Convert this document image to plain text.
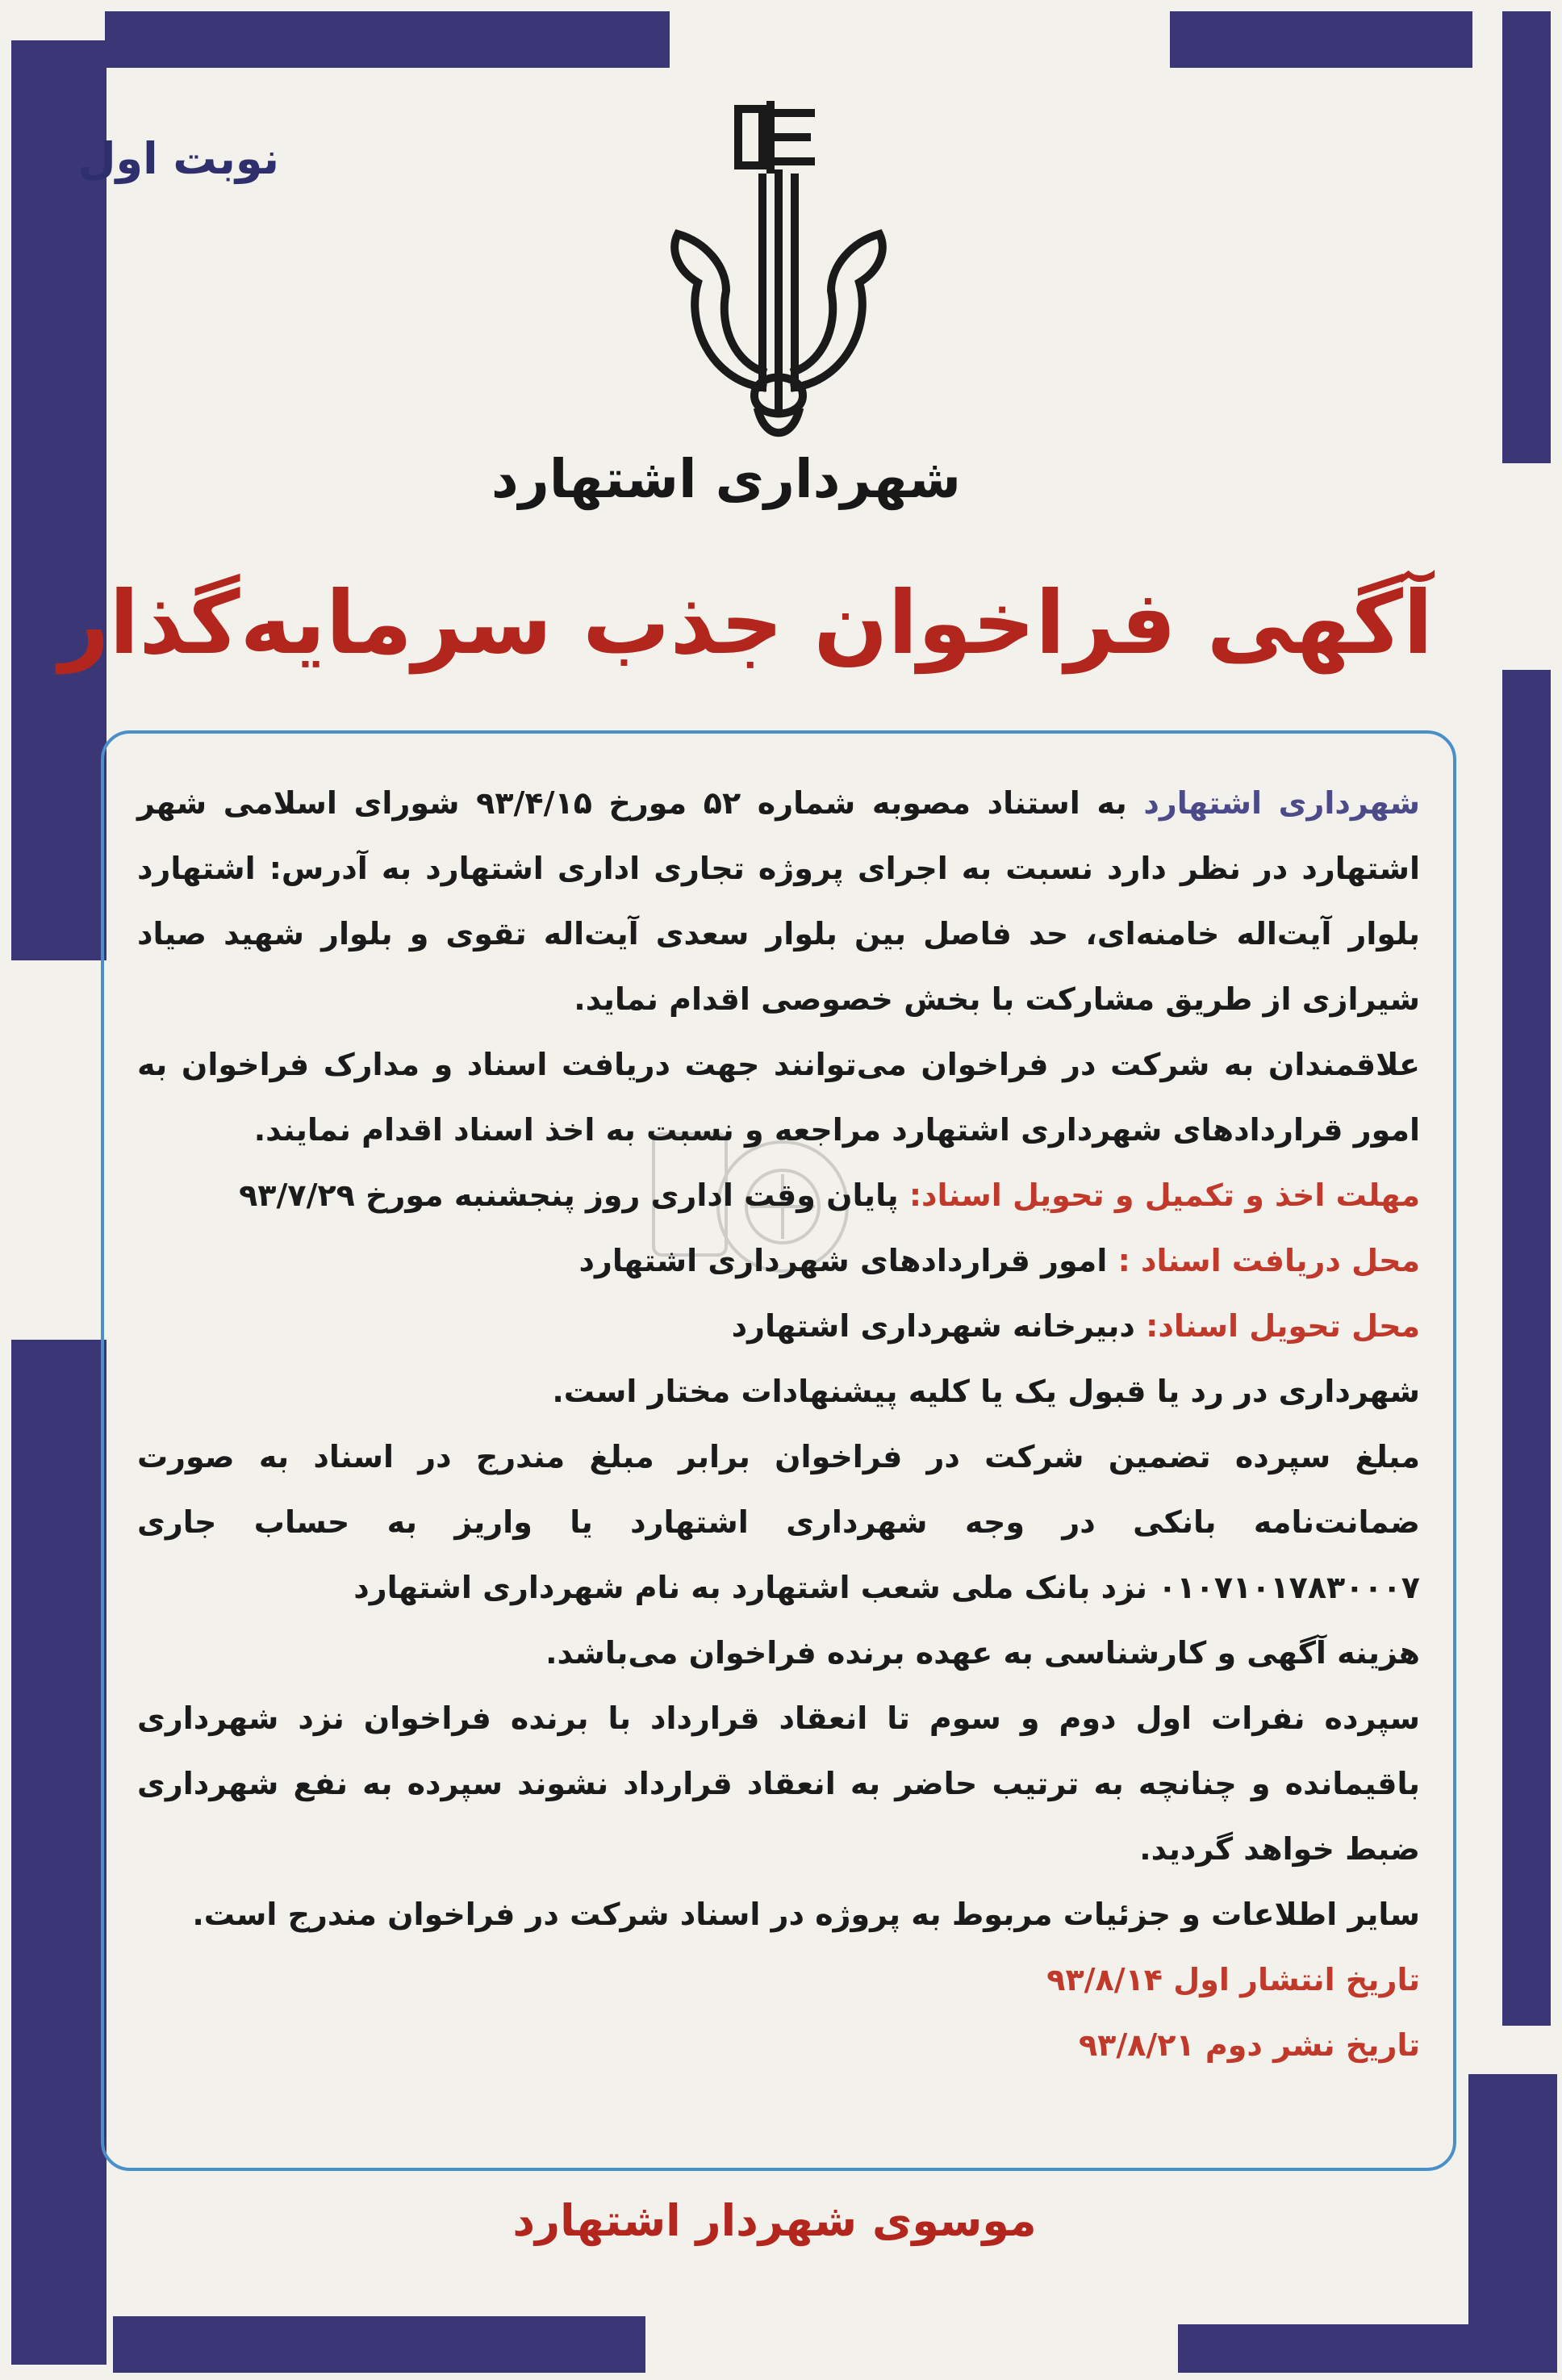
نوبت اول
شهرداری اشتهارد
آگهی فراخوان جذب سرمایه‌گذار

شهرداری اشتهارد به استناد مصوبه شماره ۵۲ مورخ ۹۳/۴/۱۵ شورای اسلامی شهر اشتهارد در نظر دارد نسبت به اجرای پروژه تجاری اداری اشتهارد به آدرس: اشتهارد بلوار آیت‌اله خامنه‌ای، حد فاصل بین بلوار سعدی آیت‌اله تقوی و بلوار شهید صیاد شیرازی از طریق مشارکت با بخش خصوصی اقدام نماید.

علاقمندان به شرکت در فراخوان می‌توانند جهت دریافت اسناد و مدارک فراخوان به امور قراردادهای شهرداری اشتهارد مراجعه و نسبت به اخذ اسناد اقدام نمایند.

مهلت اخذ و تکمیل و تحویل اسناد: پایان وقت اداری روز پنجشنبه مورخ ۹۳/۷/۲۹

محل دریافت اسناد : امور قراردادهای شهرداری اشتهارد

محل تحویل اسناد: دبیرخانه شهرداری اشتهارد

شهرداری در رد یا قبول یک یا کلیه پیشنهادات مختار است.

مبلغ سپرده تضمین شرکت در فراخوان برابر مبلغ مندرج در اسناد به صورت ضمانت‌نامه بانکی در وجه شهرداری اشتهارد یا واریز به حساب جاری ۰۱۰۷۱۰۱۷۸۳۰۰۰۷ نزد بانک ملی شعب اشتهارد به نام شهرداری اشتهارد

هزینه آگهی و کارشناسی به عهده برنده فراخوان می‌باشد.

سپرده نفرات اول دوم و سوم تا انعقاد قرارداد با برنده فراخوان نزد شهرداری باقیمانده و چنانچه به ترتیب حاضر به انعقاد قرارداد نشوند سپرده به نفع شهرداری ضبط خواهد گردید.

سایر اطلاعات و جزئیات مربوط به پروژه در اسناد شرکت در فراخوان مندرج است.

تاریخ انتشار اول ۹۳/۸/۱۴

تاریخ نشر دوم ۹۳/۸/۲۱

موسوی شهردار اشتهارد
